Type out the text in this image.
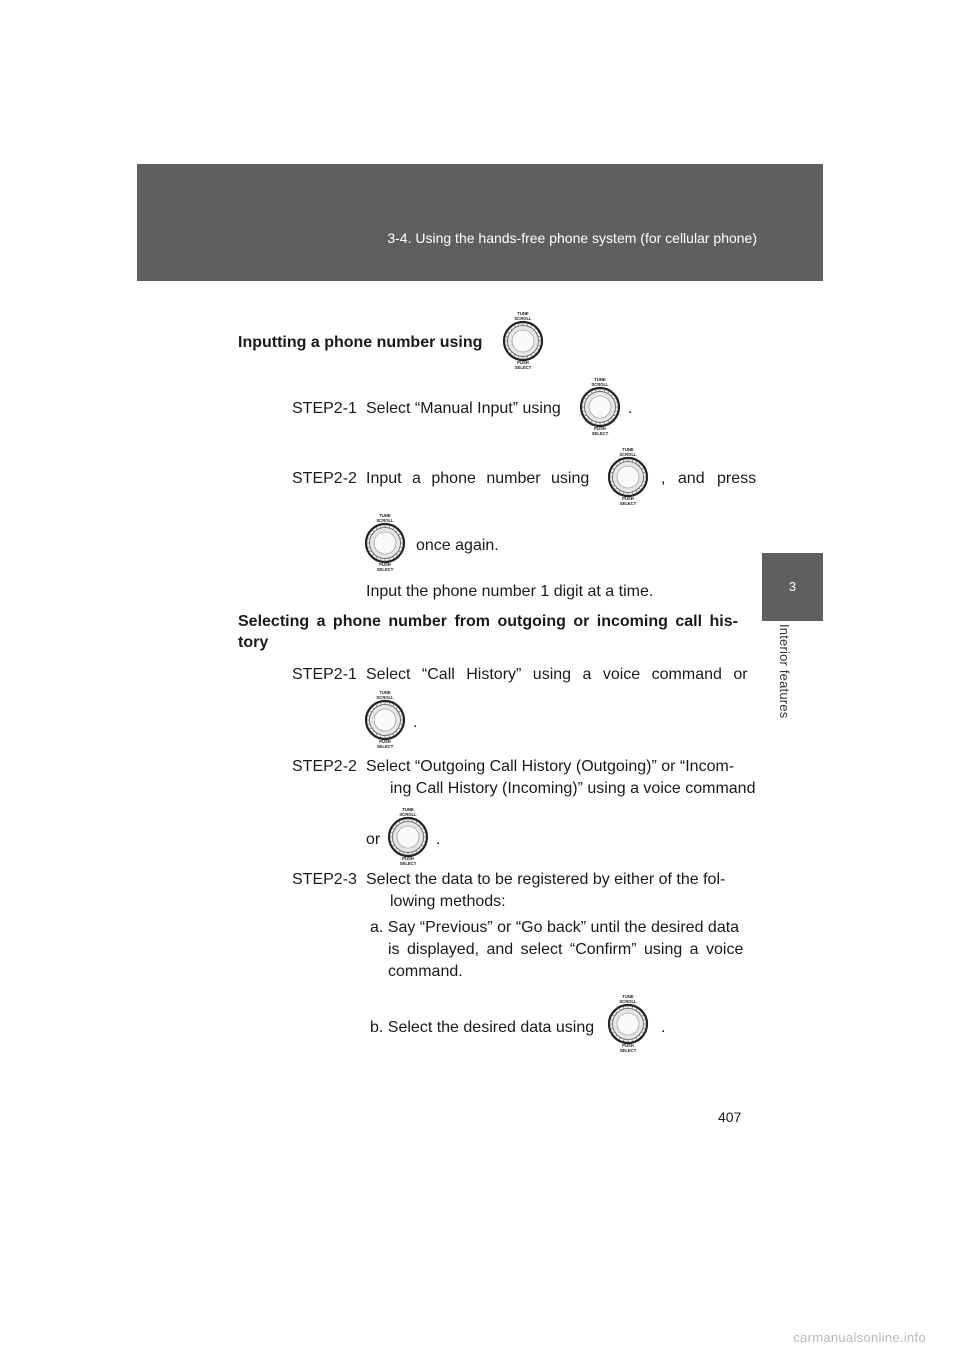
3-4. Using the hands-free phone system (for cellular phone)
3
Interior features
Inputting a phone number using
STEP2-1 Select “Manual Input” using	.
STEP2-2 Input a phone number using	, and press
once again.
Input the phone number 1 digit at a time.
Selecting a phone number from outgoing or incoming call his-
tory
STEP2-1 Select “Call History” using a voice command or
.
STEP2-2 Select “Outgoing Call History (Outgoing)” or “Incom-
ing Call History (Incoming)” using a voice command
or	.
STEP2-3 Select the data to be registered by either of the fol-
lowing methods:
a. Say “Previous” or “Go back” until the desired data
is displayed, and select “Confirm” using a voice
command.
b. Select the desired data using	.
TUNE
SCROLL
PUSH
SELECT
TUNE
SCROLL
PUSH
SELECT
TUNE
SCROLL
PUSH
SELECT
TUNE
SCROLL
PUSH
SELECT
TUNE
SCROLL
PUSH
SELECT
TUNE
SCROLL
PUSH
SELECT
TUNE
SCROLL
PUSH
SELECT
407
carmanualsonline.info
